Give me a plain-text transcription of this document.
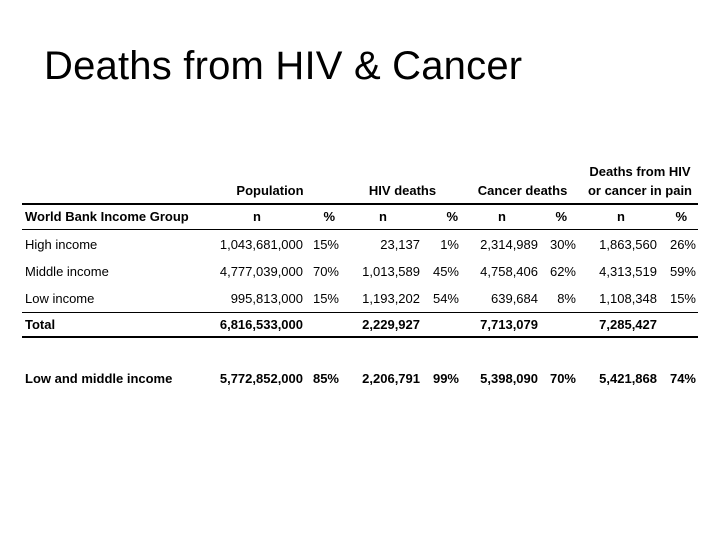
Deaths from HIV & Cancer
Population	HIV deaths	Cancer deaths
Deaths from HIV
or cancer in pain
World Bank Income Group	n	%	n	%	n	%	n	%
High income	1,043,681,000 15%	23,137	1%	2,314,989 30%	1,863,560 26%
Middle income	4,777,039,000 70%	1,013,589 45%	4,758,406 62%	4,313,519 59%
Low income	995,813,000 15%	1,193,202 54%	639,684	8%	1,108,348 15%
Total	6,816,533,000	2,229,927	7,713,079	7,285,427
Low and middle income	5,772,852,000 85%	2,206,791 99%	5,398,090 70%	5,421,868 74%
